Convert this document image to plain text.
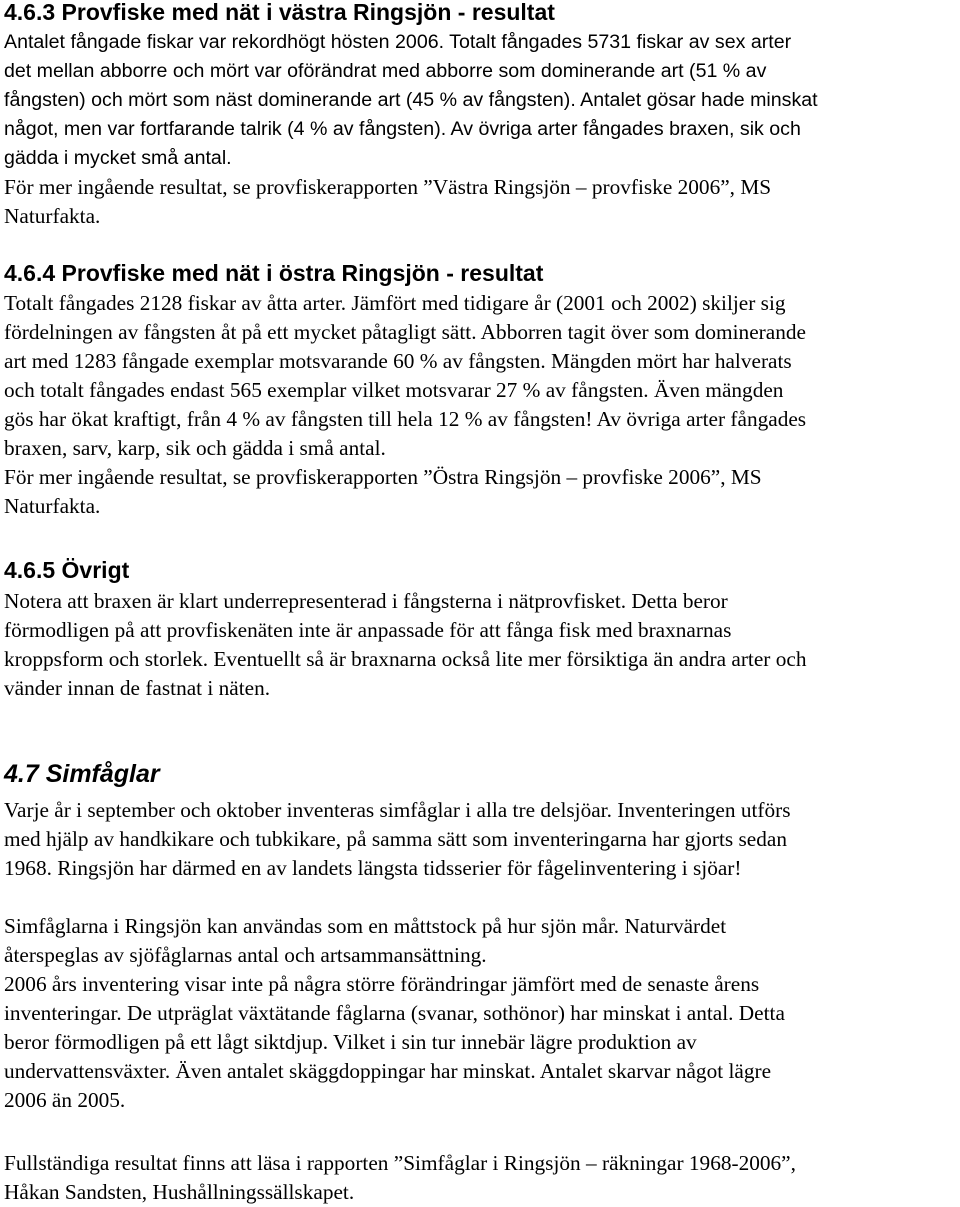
4.6.3 Provfiske med nät i västra Ringsjön - resultat
Antalet fångade fiskar var rekordhögt hösten 2006. Totalt fångades 5731 fiskar av sex arter
det mellan abborre och mört var oförändrat med abborre som dominerande art (51 % av
fångsten) och mört som näst dominerande art (45 % av fångsten). Antalet gösar hade minskat
något, men var fortfarande talrik (4 % av fångsten). Av övriga arter fångades braxen, sik och
gädda i mycket små antal.
För mer ingående resultat, se provfiskerapporten ”Västra Ringsjön – provfiske 2006”, MS
Naturfakta.
4.6.4 Provfiske med nät i östra Ringsjön - resultat
Totalt fångades 2128 fiskar av åtta arter. Jämfört med tidigare år (2001 och 2002) skiljer sig
fördelningen av fångsten åt på ett mycket påtagligt sätt. Abborren tagit över som dominerande
art med 1283 fångade exemplar motsvarande 60 % av fångsten. Mängden mört har halverats
och totalt fångades endast 565 exemplar vilket motsvarar 27 % av fångsten. Även mängden
gös har ökat kraftigt, från 4 % av fångsten till hela 12 % av fångsten! Av övriga arter fångades
braxen, sarv, karp, sik och gädda i små antal.
För mer ingående resultat, se provfiskerapporten ”Östra Ringsjön – provfiske 2006”, MS
Naturfakta.
4.6.5 Övrigt
Notera att braxen är klart underrepresenterad i fångsterna i nätprovfisket. Detta beror
förmodligen på att provfiskenäten inte är anpassade för att fånga fisk med braxnarnas
kroppsform och storlek. Eventuellt så är braxnarna också lite mer försiktiga än andra arter och
vänder innan de fastnat i näten.
4.7 Simfåglar
Varje år i september och oktober inventeras simfåglar i alla tre delsjöar. Inventeringen utförs
med hjälp av handkikare och tubkikare, på samma sätt som inventeringarna har gjorts sedan
1968. Ringsjön har därmed en av landets längsta tidsserier för fågelinventering i sjöar!
Simfåglarna i Ringsjön kan användas som en måttstock på hur sjön mår. Naturvärdet
återspeglas av sjöfåglarnas antal och artsammansättning.
2006 års inventering visar inte på några större förändringar jämfört med de senaste årens
inventeringar. De utpräglat växtätande fåglarna (svanar, sothönor) har minskat i antal. Detta
beror förmodligen på ett lågt siktdjup. Vilket i sin tur innebär lägre produktion av
undervattensväxter. Även antalet skäggdoppingar har minskat. Antalet skarvar något lägre
2006 än 2005.
Fullständiga resultat finns att läsa i rapporten ”Simfåglar i Ringsjön – räkningar 1968-2006”,
Håkan Sandsten, Hushållningssällskapet.
